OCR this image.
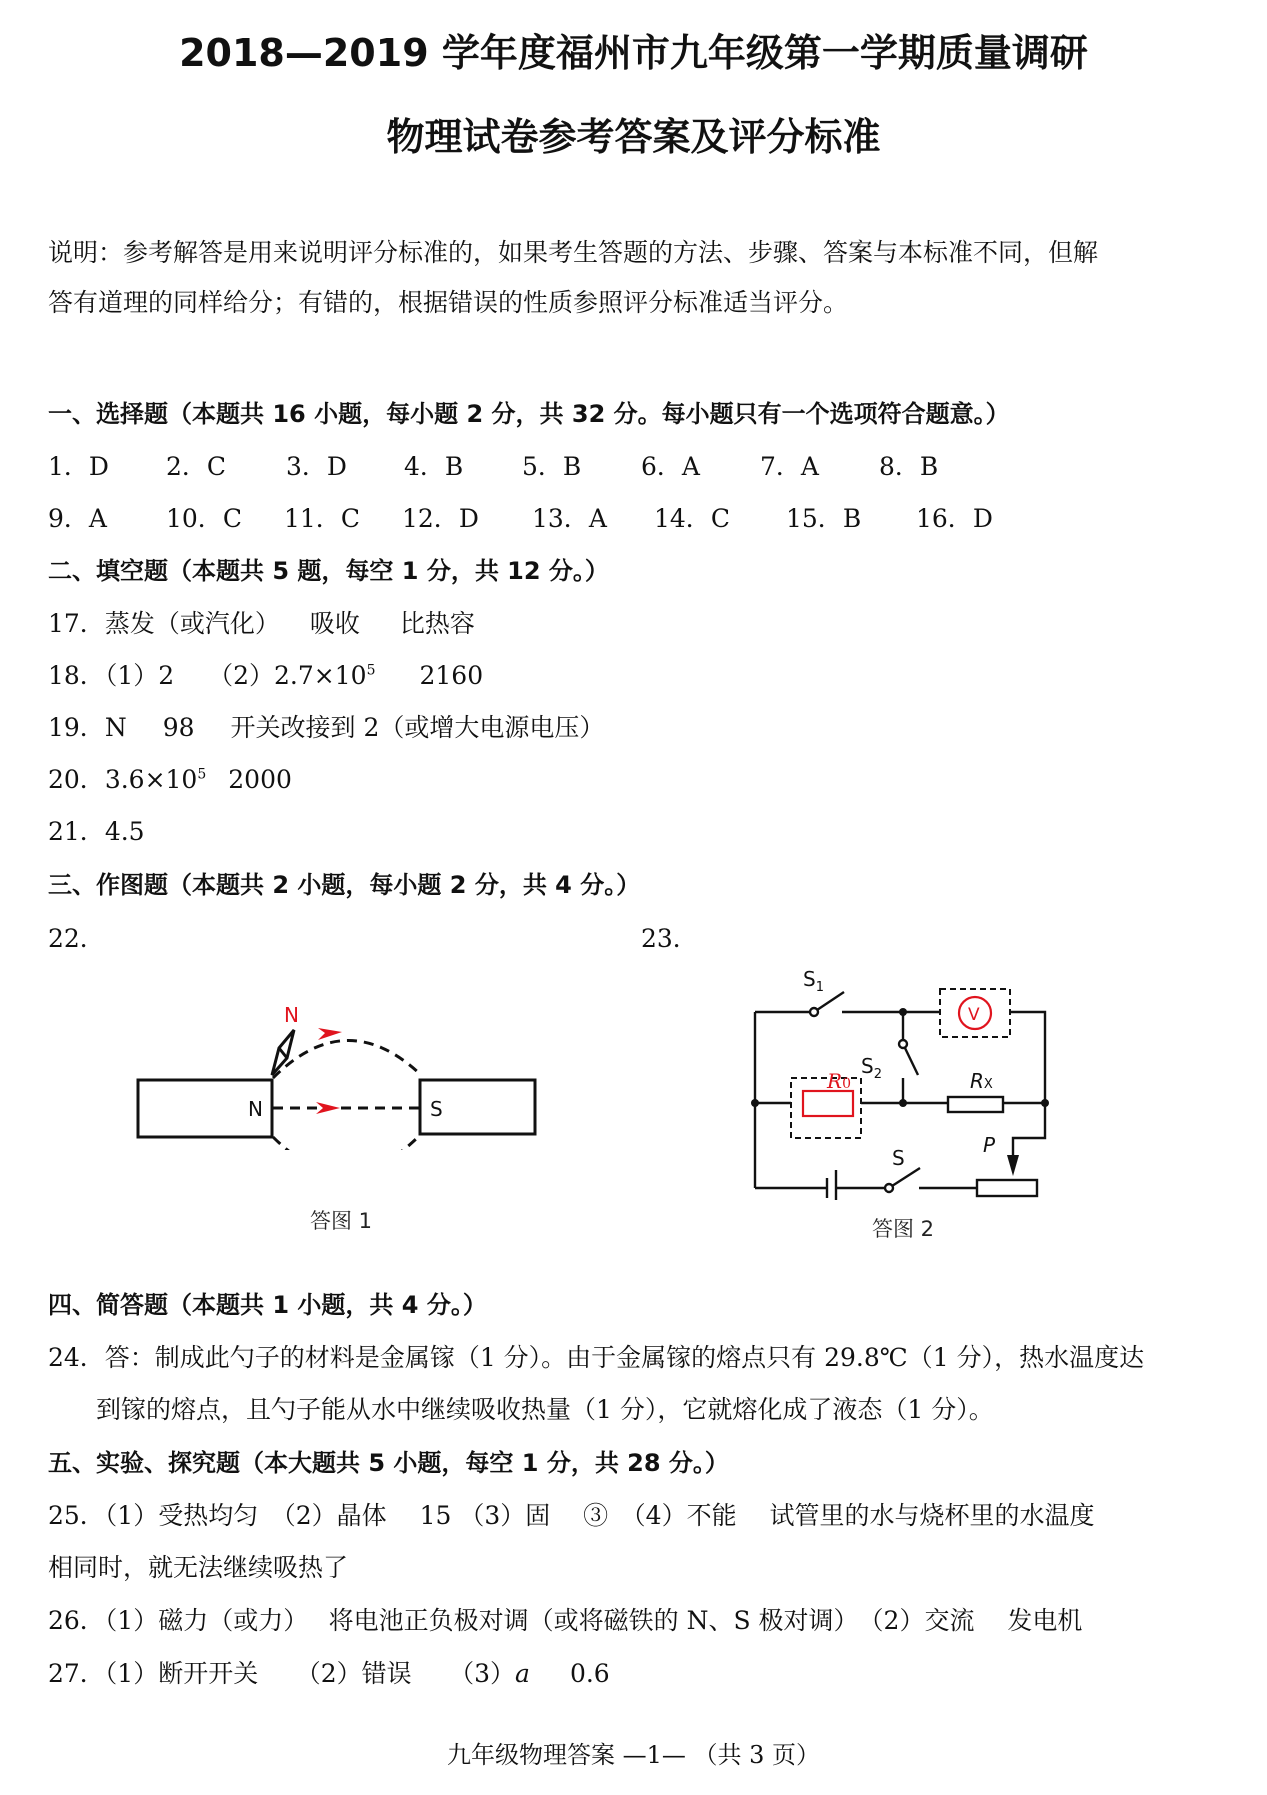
2018—2019 学年度福州市九年级第一学期质量调研
物理试卷参考答案及评分标准
说明：参考解答是用来说明评分标准的，如果考生答题的方法、步骤、答案与本标准不同，但解
答有道理的同样给分；有错的，根据错误的性质参照评分标准适当评分。
一、选择题（本题共 16 小题，每小题 2 分，共 32 分。每小题只有一个选项符合题意。）
1．D 2．C 3．D 4．B 5．B 6．A 7．A 8．B
9．A 10．C 11．C 12．D 13．A 14．C 15．B 16．D
二、填空题（本题共 5 题，每空 1 分，共 12 分。）
17．蒸发（或汽化） 吸收 比热容
18．（1）2 $(2)2.7\times 10^5$ 2160
19．N 98 开关改接到 2（或增大电源电压）
20．$3.6\times 10^5$ 2000
21．4.5
三、作图题（本题共 2 小题，每小题 2 分，共 4 分。）
22．	23．
N	S
N
答图 1
V
R0
$S_1$
$S_2$	RX
S
P
答图 2
四、简答题（本题共 1 小题，共 4 分。）
24．答：制成此勺子的材料是金属镓（1 分）。由于金属镓的熔点只有 29.8℃（1 分），热水温度达
到镓的熔点，且勺子能从水中继续吸收热量（1 分），它就熔化成了液态（1 分）。
五、实验、探究题（本大题共 5 小题，每空 1 分，共 28 分。）
25．（1）受热均匀　（2）晶体　 15 （3）固　 ③　（4）不能　 试管里的水与烧杯里的水温度
相同时，就无法继续吸热了
26．（1）磁力（或力）　 将电池正负极对调（或将磁铁的 N、S 极对调）　（2）交流　 发电机
27．（1）断开开关　　（2）错误　　（3）a 0.6
九年级物理答案 —1— （共 3 页）
